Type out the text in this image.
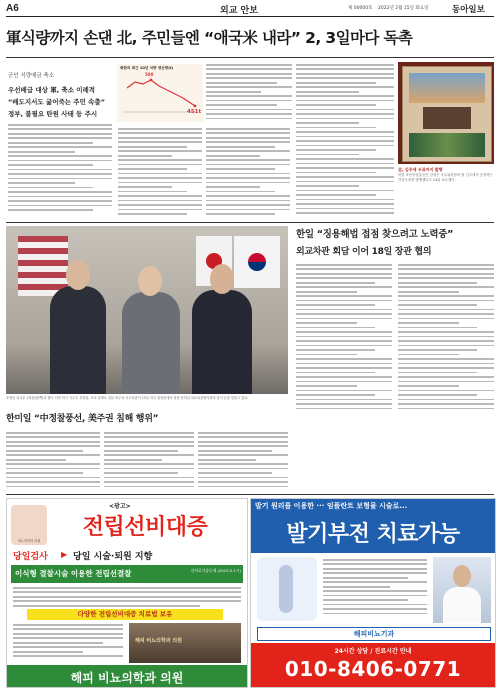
A6	외교 안보	제 00000호 2022년 2월 15일 화요일	동아일보
軍식량까지 손댄 北, 주민들엔 “애국米 내라” 2, 3일마다 독촉
군인 식량예금 축소
우선배급 대상 軍, 축소 이례적
“배도지서도 굶어죽는 주민 속출”
정부, 불필요 탄원 사태 등 주시
북한의 최근 10년 식량 생산량(t)
500
451t
北, 김주애 우표까지 발행
북한 조선중앙통신은 김정은 국무위원장과 딸 김주애가 등장하는 기념우표를 발행했다고 14일 보도했다.
조현동 외교부 1차관(왼쪽)과 웬디 셔먼 미국 국무부 부장관, 모리 다케오 일본 외무성 사무차관이 13일 미국 워싱턴에서 열린 한미일 외교차관협의회에 앞서 손을 맞잡고 있다.
한일 “징용해법 접점 찾으려고 노력중”
외교차관 회담 이어 18일 장관 협의
한미일 “中정찰풍선, 美주권 침해 행위”
<광고>
비뇨의학과 의원
전립선비대증
당일검사 ▶ 당일 시술·퇴원 지향
이식형 결찰시술 이용한 전립선결찰	신의료기술등재 (2015.5.1시)
다양한 전립선비대증 치료법 보유
해피 비뇨의학과 의원
해피 비뇨의학과 의원
발기 원리를 이용한 ··· 임플란트 보형물 시술로...
발기부전 치료가능
해피비뇨기과
24시간 상담 / 진료시간 안내
010-8406-0771
